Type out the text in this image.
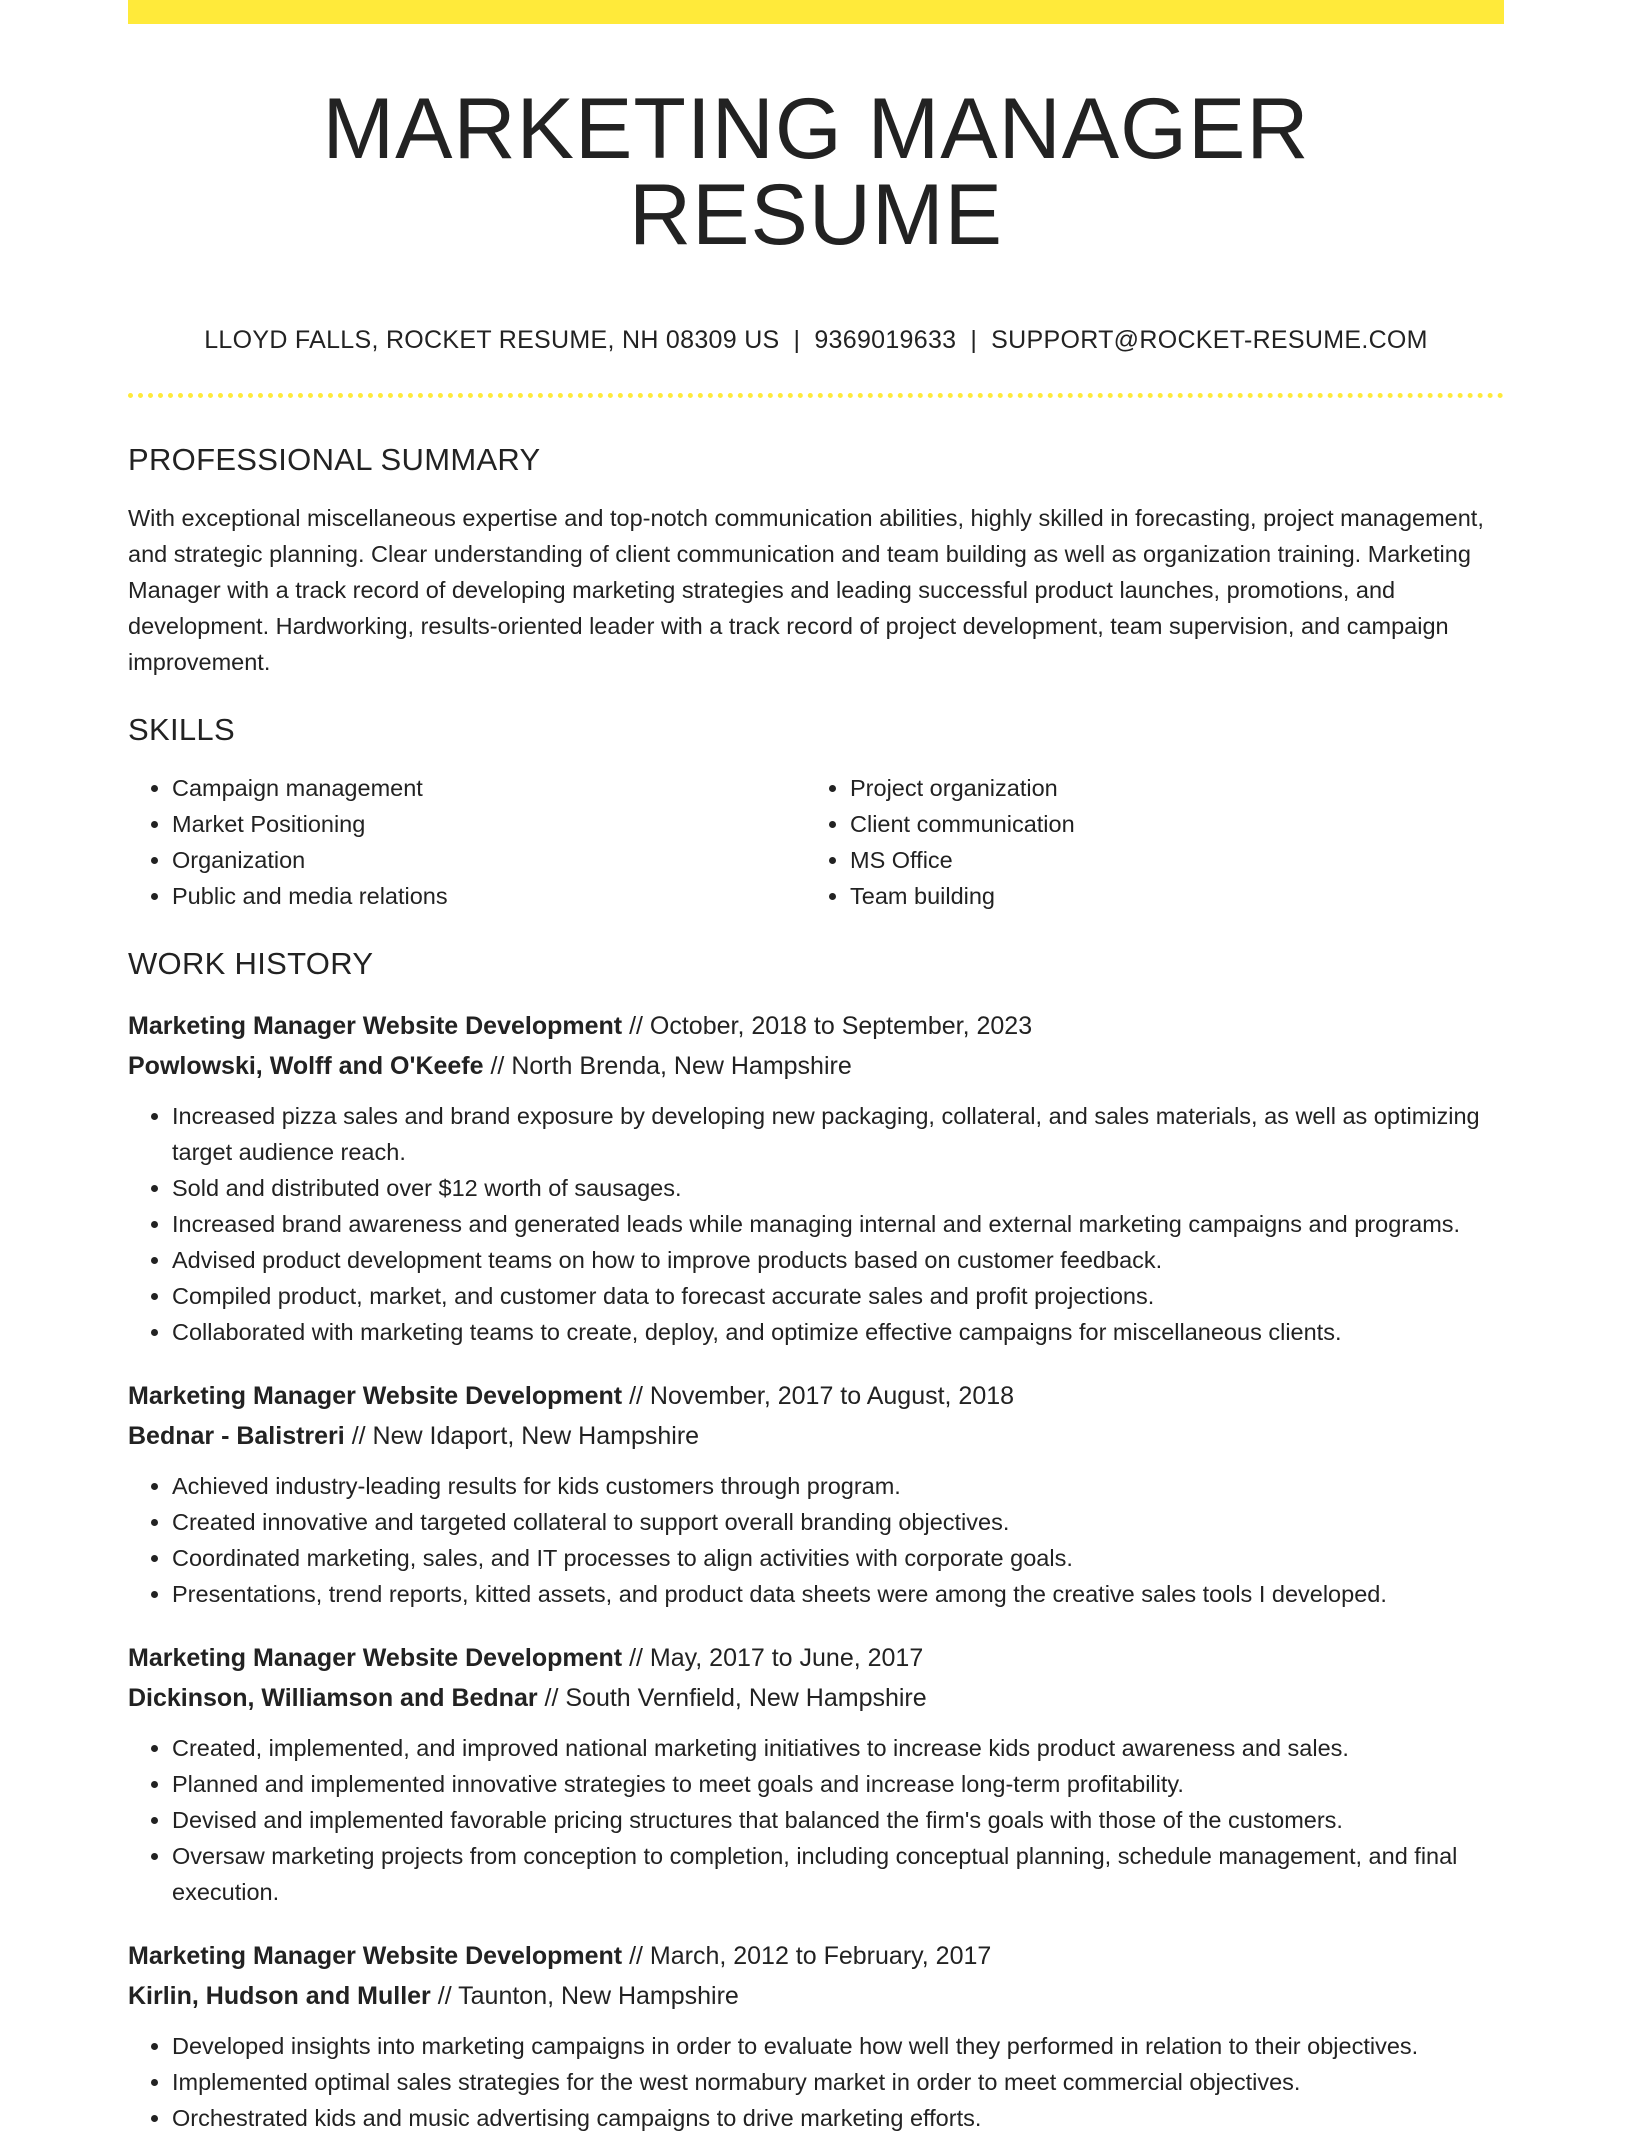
MARKETING MANAGER RESUME
LLOYD FALLS, ROCKET RESUME, NH 08309 US | 9369019633 | SUPPORT@ROCKET-RESUME.COM
PROFESSIONAL SUMMARY

With exceptional miscellaneous expertise and top-notch communication abilities, highly skilled in forecasting, project management, and strategic planning. Clear understanding of client communication and team building as well as organization training. Marketing Manager with a track record of developing marketing strategies and leading successful product launches, promotions, and development. Hardworking, results-oriented leader with a track record of project development, team supervision, and campaign improvement.

SKILLS
• Campaign management
• Market Positioning
• Organization
• Public and media relations
• Project organization
• Client communication
• MS Office
• Team building
WORK HISTORY
Marketing Manager Website Development // October, 2018 to September, 2023
Powlowski, Wolff and O'Keefe // North Brenda, New Hampshire
• Increased pizza sales and brand exposure by developing new packaging, collateral, and sales materials, as well as optimizing target audience reach.
• Sold and distributed over $12 worth of sausages.
• Increased brand awareness and generated leads while managing internal and external marketing campaigns and programs.
• Advised product development teams on how to improve products based on customer feedback.
• Compiled product, market, and customer data to forecast accurate sales and profit projections.
• Collaborated with marketing teams to create, deploy, and optimize effective campaigns for miscellaneous clients.
Marketing Manager Website Development // November, 2017 to August, 2018
Bednar - Balistreri // New Idaport, New Hampshire
• Achieved industry-leading results for kids customers through program.
• Created innovative and targeted collateral to support overall branding objectives.
• Coordinated marketing, sales, and IT processes to align activities with corporate goals.
• Presentations, trend reports, kitted assets, and product data sheets were among the creative sales tools I developed.
Marketing Manager Website Development // May, 2017 to June, 2017
Dickinson, Williamson and Bednar // South Vernfield, New Hampshire
• Created, implemented, and improved national marketing initiatives to increase kids product awareness and sales.
• Planned and implemented innovative strategies to meet goals and increase long-term profitability.
• Devised and implemented favorable pricing structures that balanced the firm's goals with those of the customers.
• Oversaw marketing projects from conception to completion, including conceptual planning, schedule management, and final execution.
Marketing Manager Website Development // March, 2012 to February, 2017
Kirlin, Hudson and Muller // Taunton, New Hampshire
• Developed insights into marketing campaigns in order to evaluate how well they performed in relation to their objectives.
• Implemented optimal sales strategies for the west normabury market in order to meet commercial objectives.
• Orchestrated kids and music advertising campaigns to drive marketing efforts.
